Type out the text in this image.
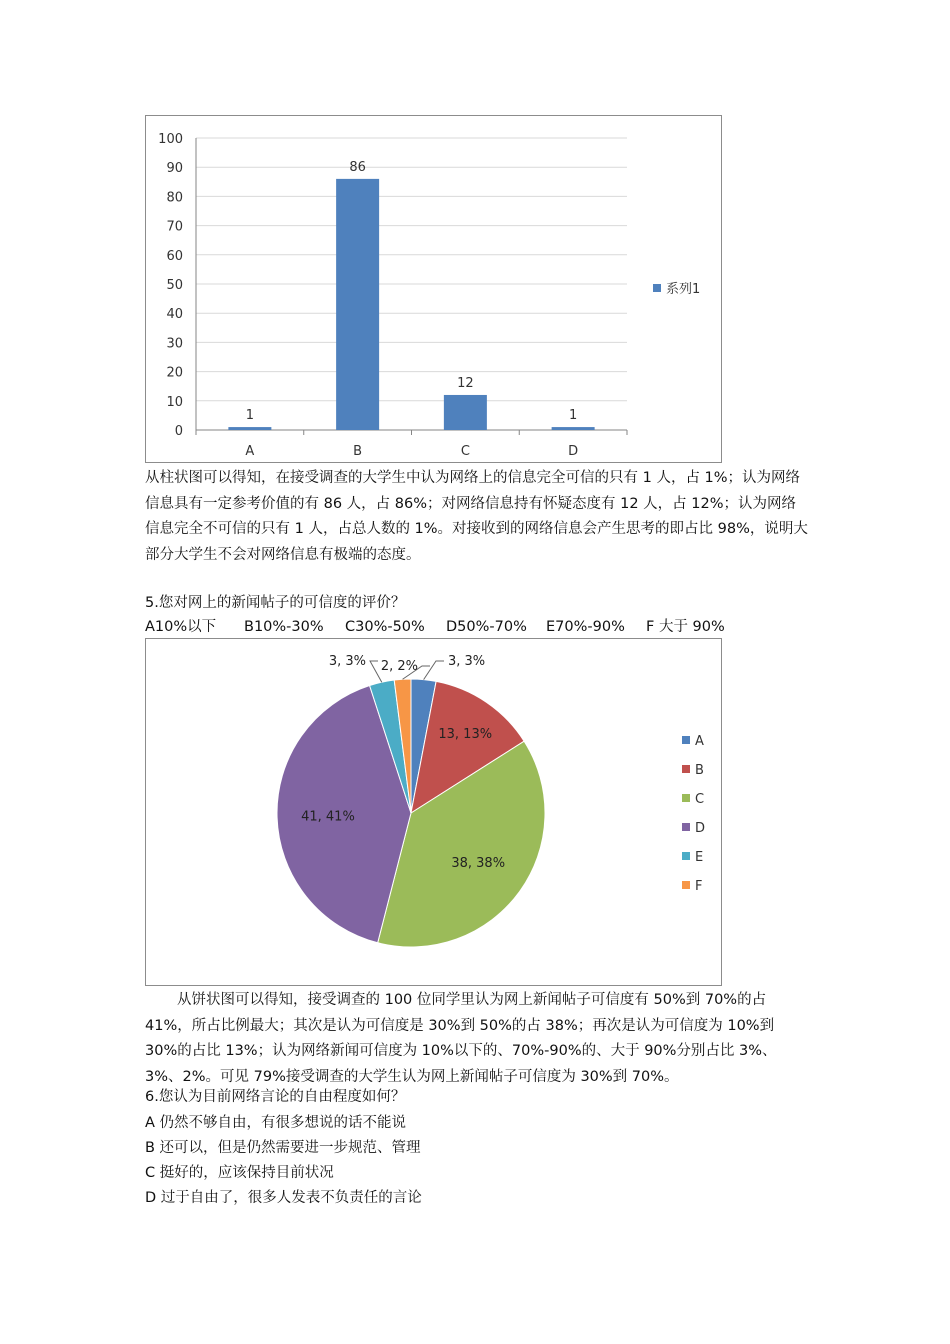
0
10
20
30
40
50
60
70
80
90
100
1
A
86
B
12
C
1
D
系列1

从柱状图可以得知，在接受调查的大学生中认为网络上的信息完全可信的只有 1 人，占 1%；认为网络信息具有一定参考价值的有 86 人，占 86%；对网络信息持有怀疑态度有 12 人，占 12%；认为网络信息完全不可信的只有 1 人，占总人数的 1%。对接收到的网络信息会产生思考的即占比 98%，说明大部分大学生不会对网络信息有极端的态度。

5.您对网上的新闻帖子的可信度的评价？
A10%以下 B10%-30% C30%-50% D50%-70% E70%-90% F 大于 90%
13, 13%
38, 38%
41, 41%
3, 3%
3, 3% 2, 2%
A
B
C
D
E
F

从饼状图可以得知，接受调查的 100 位同学里认为网上新闻帖子可信度有 50%到 70%的占 41%，所占比例最大；其次是认为可信度是 30%到 50%的占 38%；再次是认为可信度为 10%到 30%的占比 13%；认为网络新闻可信度为 10%以下的、70%-90%的、大于 90%分别占比 3%、3%、2%。可见 79%接受调查的大学生认为网上新闻帖子可信度为 30%到 70%。

6.您认为目前网络言论的自由程度如何？
A 仍然不够自由，有很多想说的话不能说
B 还可以，但是仍然需要进一步规范、管理
C 挺好的，应该保持目前状况
D 过于自由了，很多人发表不负责任的言论
